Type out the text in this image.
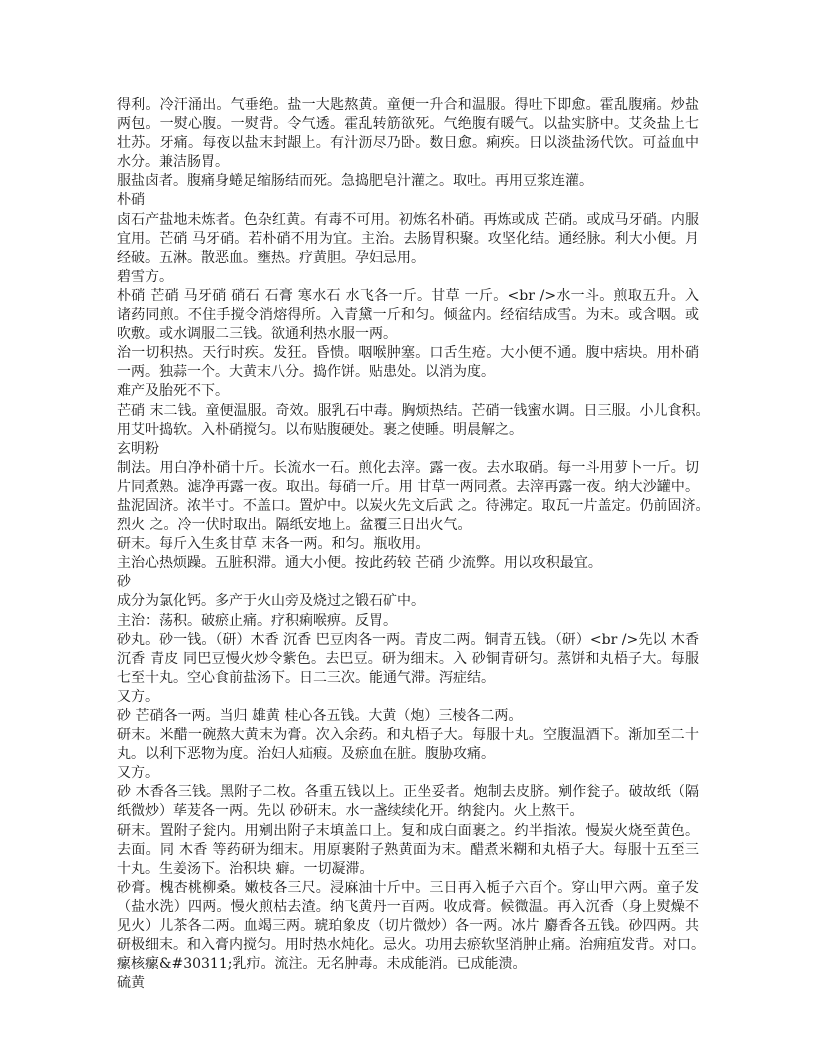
得利。冷汗涌出。气垂绝。盐一大匙熬黄。童便一升合和温服。得吐下即愈。霍乱腹痛。炒盐
两包。一熨心腹。一熨背。令气透。霍乱转筋欲死。气绝腹有暖气。以盐实脐中。艾灸盐上七
壮苏。牙痛。每夜以盐末封龈上。有汁沥尽乃卧。数日愈。痢疾。日以淡盐汤代饮。可益血中
水分。兼洁肠胃。
服盐卤者。腹痛身蜷足缩肠结而死。急捣肥皂汁灌之。取吐。再用豆浆连灌。
朴硝
卤石产盐地未炼者。色杂红黄。有毒不可用。初炼名朴硝。再炼或成 芒硝。或成马牙硝。内服
宜用。芒硝 马牙硝。若朴硝不用为宜。主治。去肠胃积聚。攻坚化结。通经脉。利大小便。月
经破。五淋。散恶血。壅热。疗黄胆。孕妇忌用。
碧雪方。
朴硝 芒硝 马牙硝 硝石 石膏 寒水石 水飞各一斤。甘草 一斤。<br />水一斗。煎取五升。入
诸药同煎。不住手搅令消熔得所。入青黛一斤和匀。倾盆内。经宿结成雪。为末。或含咽。或
吹敷。或水调服二三钱。欲通利热水服一两。
治一切积热。天行时疾。发狂。昏愦。咽喉肿塞。口舌生疮。大小便不通。腹中痞块。用朴硝
一两。独蒜一个。大黄末八分。捣作饼。贴患处。以消为度。
难产及胎死不下。
芒硝 末二钱。童便温服。奇效。服乳石中毒。胸烦热结。芒硝一钱蜜水调。日三服。小儿食积。
用艾叶捣软。入朴硝搅匀。以布贴腹硬处。裹之使睡。明晨解之。
玄明粉
制法。用白净朴硝十斤。长流水一石。煎化去滓。露一夜。去水取硝。每一斗用萝卜一斤。切
片同煮熟。滤净再露一夜。取出。每硝一斤。用 甘草一两同煮。去滓再露一夜。纳大沙罐中。
盐泥固济。浓半寸。不盖口。置炉中。以炭火先文后武 之。待沸定。取瓦一片盖定。仍前固济。
烈火 之。冷一伏时取出。隔纸安地上。盆覆三日出火气。
研末。每斤入生炙甘草 末各一两。和匀。瓶收用。
主治心热烦躁。五脏积滞。通大小便。按此药较 芒硝 少流弊。用以攻积最宜。
砂
成分为氯化钙。多产于火山旁及烧过之锻石矿中。
主治：荡积。破瘀止痛。疗积痢喉痹。反胃。
砂丸。砂一钱。（研）木香 沉香 巴豆肉各一两。青皮二两。铜青五钱。（研）<br />先以 木香
沉香 青皮 同巴豆慢火炒令紫色。去巴豆。研为细末。入 砂铜青研匀。蒸饼和丸梧子大。每服
七至十丸。空心食前盐汤下。日二三次。能通气滞。泻症结。
又方。
砂 芒硝各一两。当归 雄黄 桂心各五钱。大黄（炮）三棱各二两。
研末。米醋一碗熬大黄末为膏。次入余药。和丸梧子大。每服十丸。空腹温酒下。渐加至二十
丸。以利下恶物为度。治妇人疝瘕。及瘀血在脏。腹胁攻痛。
又方。
砂 木香各三钱。黑附子二枚。各重五钱以上。正坐妥者。炮制去皮脐。剜作瓮子。破故纸（隔
纸微炒）荜茇各一两。先以 砂研末。水一盏续续化开。纳瓮内。火上熬干。
研末。置附子瓮内。用剜出附子末填盖口上。复和成白面裹之。约半指浓。慢炭火烧至黄色。
去面。同 木香 等药研为细末。用原裹附子熟黄面为末。醋煮米糊和丸梧子大。每服十五至三
十丸。生姜汤下。治积块 癖。一切凝滞。
砂膏。槐杏桃柳桑。嫩枝各三尺。浸麻油十斤中。三日再入栀子六百个。穿山甲六两。童子发
（盐水洗）四两。慢火煎枯去渣。纳飞黄丹一百两。收成膏。候微温。再入沉香（身上熨燥不
见火）儿茶各二两。血竭三两。琥珀象皮（切片微炒）各一两。冰片 麝香各五钱。砂四两。共
研极细末。和入膏内搅匀。用时热水炖化。忌火。功用去瘀软坚消肿止痛。治痈疽发背。对口。
瘰核瘰&#30311;乳疖。流注。无名肿毒。未成能消。已成能溃。
硫黄
